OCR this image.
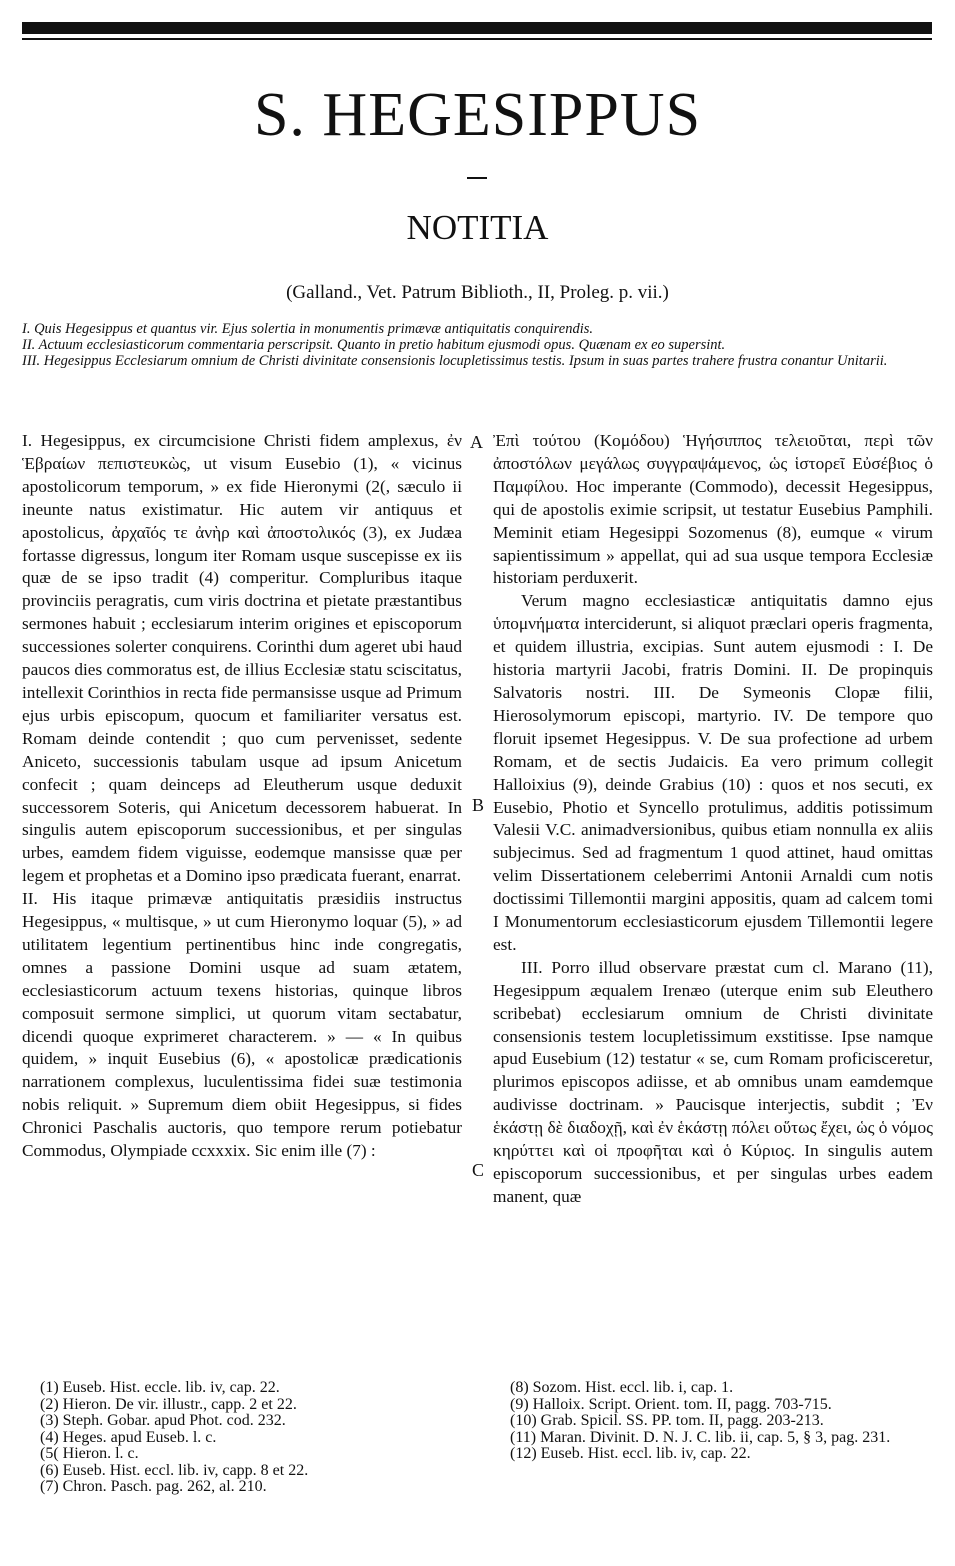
S. HEGESIPPUS
NOTITIA
(Galland., Vet. Patrum Biblioth., II, Proleg. p. vii.)

I. Quis Hegesippus et quantus vir. Ejus solertia in monumentis primævæ antiquitatis conquirendis.

II. Actuum ecclesiasticorum commentaria perscripsit. Quanto in pretio habitum ejusmodi opus. Quænam ex eo supersint.

III. Hegesippus Ecclesiarum omnium de Christi divinitate consensionis locupletissimus testis. Ipsum in suas partes trahere frustra conantur Unitarii.

I. Hegesippus, ex circumcisione Christi fidem amplexus, ἐν Ἑβραίων πεπιστευκὼς, ut visum Eusebio (1), « vicinus apostolicorum temporum, » ex fide Hieronymi (2(, sæculo ii ineunte natus existimatur. Hic autem vir antiquus et apostolicus, ἀρχαῖός τε ἀνὴρ καὶ ἀποστολικός (3), ex Judæa fortasse digressus, longum iter Romam usque suscepisse ex iis quæ de se ipso tradit (4) comperitur. Compluribus itaque provinciis peragratis, cum viris doctrina et pietate præstantibus sermones habuit ; ecclesiarum interim origines et episcoporum successiones solerter conquirens. Corinthi dum ageret ubi haud paucos dies commoratus est, de illius Ecclesiæ statu sciscitatus, intellexit Corinthios in recta fide permansisse usque ad Primum ejus urbis episcopum, quocum et familiariter versatus est. Romam deinde contendit ; quo cum pervenisset, sedente Aniceto, successionis tabulam usque ad ipsum Anicetum confecit ; quam deinceps ad Eleutherum usque deduxit successorem Soteris, qui Anicetum decessorem habuerat. In singulis autem episcoporum successionibus, et per singulas urbes, eamdem fidem viguisse, eodemque mansisse quæ per legem et prophetas et a Domino ipso prædicata fuerant, enarrat.

II. His itaque primævæ antiquitatis præsidiis instructus Hegesippus, « multisque, » ut cum Hieronymo loquar (5), » ad utilitatem legentium pertinentibus hinc inde congregatis, omnes a passione Domini usque ad suam ætatem, ecclesiasticorum actuum texens historias, quinque libros composuit sermone simplici, ut quorum vitam sectabatur, dicendi quoque exprimeret characterem. » — « In quibus quidem, » inquit Eusebius (6), « apostolicæ prædicationis narrationem complexus, luculentissima fidei suæ testimonia nobis reliquit. » Supremum diem obiit Hegesippus, si fides Chronici Paschalis auctoris, quo tempore rerum potiebatur Commodus, Olympiade ccxxxix. Sic enim ille (7) :

A
B
C

Ἐπὶ τούτου (Κομόδου) Ἡγήσιππος τελειοῦται, περὶ τῶν ἀποστόλων μεγάλως συγγραψάμενος, ὡς ἱστορεῖ Εὐσέβιος ὁ Παμφίλου. Hoc imperante (Commodo), decessit Hegesippus, qui de apostolis eximie scripsit, ut testatur Eusebius Pamphili. Meminit etiam Hegesippi Sozomenus (8), eumque « virum sapientissimum » appellat, qui ad sua usque tempora Ecclesiæ historiam perduxerit.

Verum magno ecclesiasticæ antiquitatis damno ejus ὑπομνήματα interciderunt, si aliquot præclari operis fragmenta, et quidem illustria, excipias. Sunt autem ejusmodi : I. De historia martyrii Jacobi, fratris Domini. II. De propinquis Salvatoris nostri. III. De Symeonis Clopæ filii, Hierosolymorum episcopi, martyrio. IV. De tempore quo floruit ipsemet Hegesippus. V. De sua profectione ad urbem Romam, et de sectis Judaicis. Ea vero primum collegit Halloixius (9), deinde Grabius (10) : quos et nos secuti, ex Eusebio, Photio et Syncello protulimus, additis potissimum Valesii V.C. animadversionibus, quibus etiam nonnulla ex aliis subjecimus. Sed ad fragmentum 1 quod attinet, haud omittas velim Dissertationem celeberrimi Antonii Arnaldi cum notis doctissimi Tillemontii margini appositis, quam ad calcem tomi I Monumentorum ecclesiasticorum ejusdem Tillemontii legere est.

III. Porro illud observare præstat cum cl. Marano (11), Hegesippum æqualem Irenæo (uterque enim sub Eleuthero scribebat) ecclesiarum omnium de Christi divinitate consensionis testem locupletissimum exstitisse. Ipse namque apud Eusebium (12) testatur « se, cum Romam proficisceretur, plurimos episcopos adiisse, et ab omnibus unam eamdemque audivisse doctrinam. » Paucisque interjectis, subdit ; Ἐν ἑκάστῃ δὲ διαδοχῇ, καὶ ἐν ἑκάστῃ πόλει οὕτως ἔχει, ὡς ὁ νόμος κηρύττει καὶ οἱ προφῆται καὶ ὁ Κύριος. In singulis autem episcoporum successionibus, et per singulas urbes eadem manent, quæ

(1) Euseb. Hist. eccle. lib. iv, cap. 22.
(2) Hieron. De vir. illustr., capp. 2 et 22.
(3) Steph. Gobar. apud Phot. cod. 232.
(4) Heges. apud Euseb. l. c.
(5( Hieron. l. c.
(6) Euseb. Hist. eccl. lib. iv, capp. 8 et 22.
(7) Chron. Pasch. pag. 262, al. 210.
(8) Sozom. Hist. eccl. lib. i, cap. 1.
(9) Halloix. Script. Orient. tom. II, pagg. 703-715.
(10) Grab. Spicil. SS. PP. tom. II, pagg. 203-213.
(11) Maran. Divinit. D. N. J. C. lib. ii, cap. 5, § 3, pag. 231.
(12) Euseb. Hist. eccl. lib. iv, cap. 22.
